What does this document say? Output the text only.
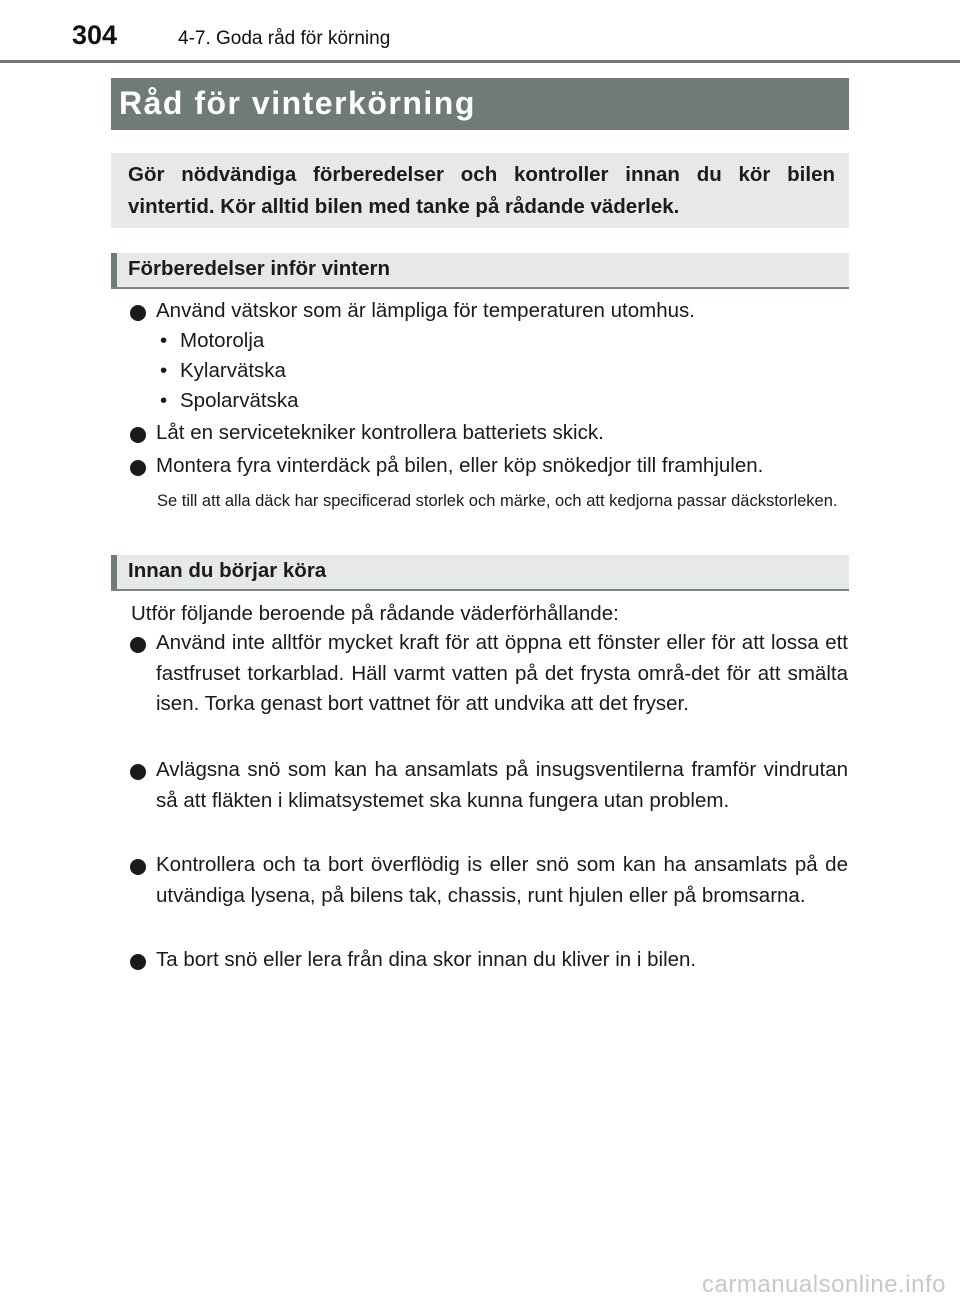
304	4-7. Goda råd för körning
Råd för vinterkörning

Gör nödvändiga förberedelser och kontroller innan du kör bilen vintertid. Kör alltid bilen med tanke på rådande väderlek.

Förberedelser inför vintern
Använd vätskor som är lämpliga för temperaturen utomhus.
• Motorolja
• Kylarvätska
• Spolarvätska
Låt en servicetekniker kontrollera batteriets skick.
Montera fyra vinterdäck på bilen, eller köp snökedjor till framhjulen.
Se till att alla däck har specificerad storlek och märke, och att kedjorna passar däckstorleken.
Innan du börjar köra
Utför följande beroende på rådande väderförhållande:
Använd inte alltför mycket kraft för att öppna ett fönster eller för att lossa ett fastfruset torkarblad. Häll varmt vatten på det frysta områ-det för att smälta isen. Torka genast bort vattnet för att undvika att det fryser.
Avlägsna snö som kan ha ansamlats på insugsventilerna framför vindrutan så att fläkten i klimatsystemet ska kunna fungera utan problem.
Kontrollera och ta bort överflödig is eller snö som kan ha ansamlats på de utvändiga lysena, på bilens tak, chassis, runt hjulen eller på bromsarna.
Ta bort snö eller lera från dina skor innan du kliver in i bilen.
carmanualsonline.info
